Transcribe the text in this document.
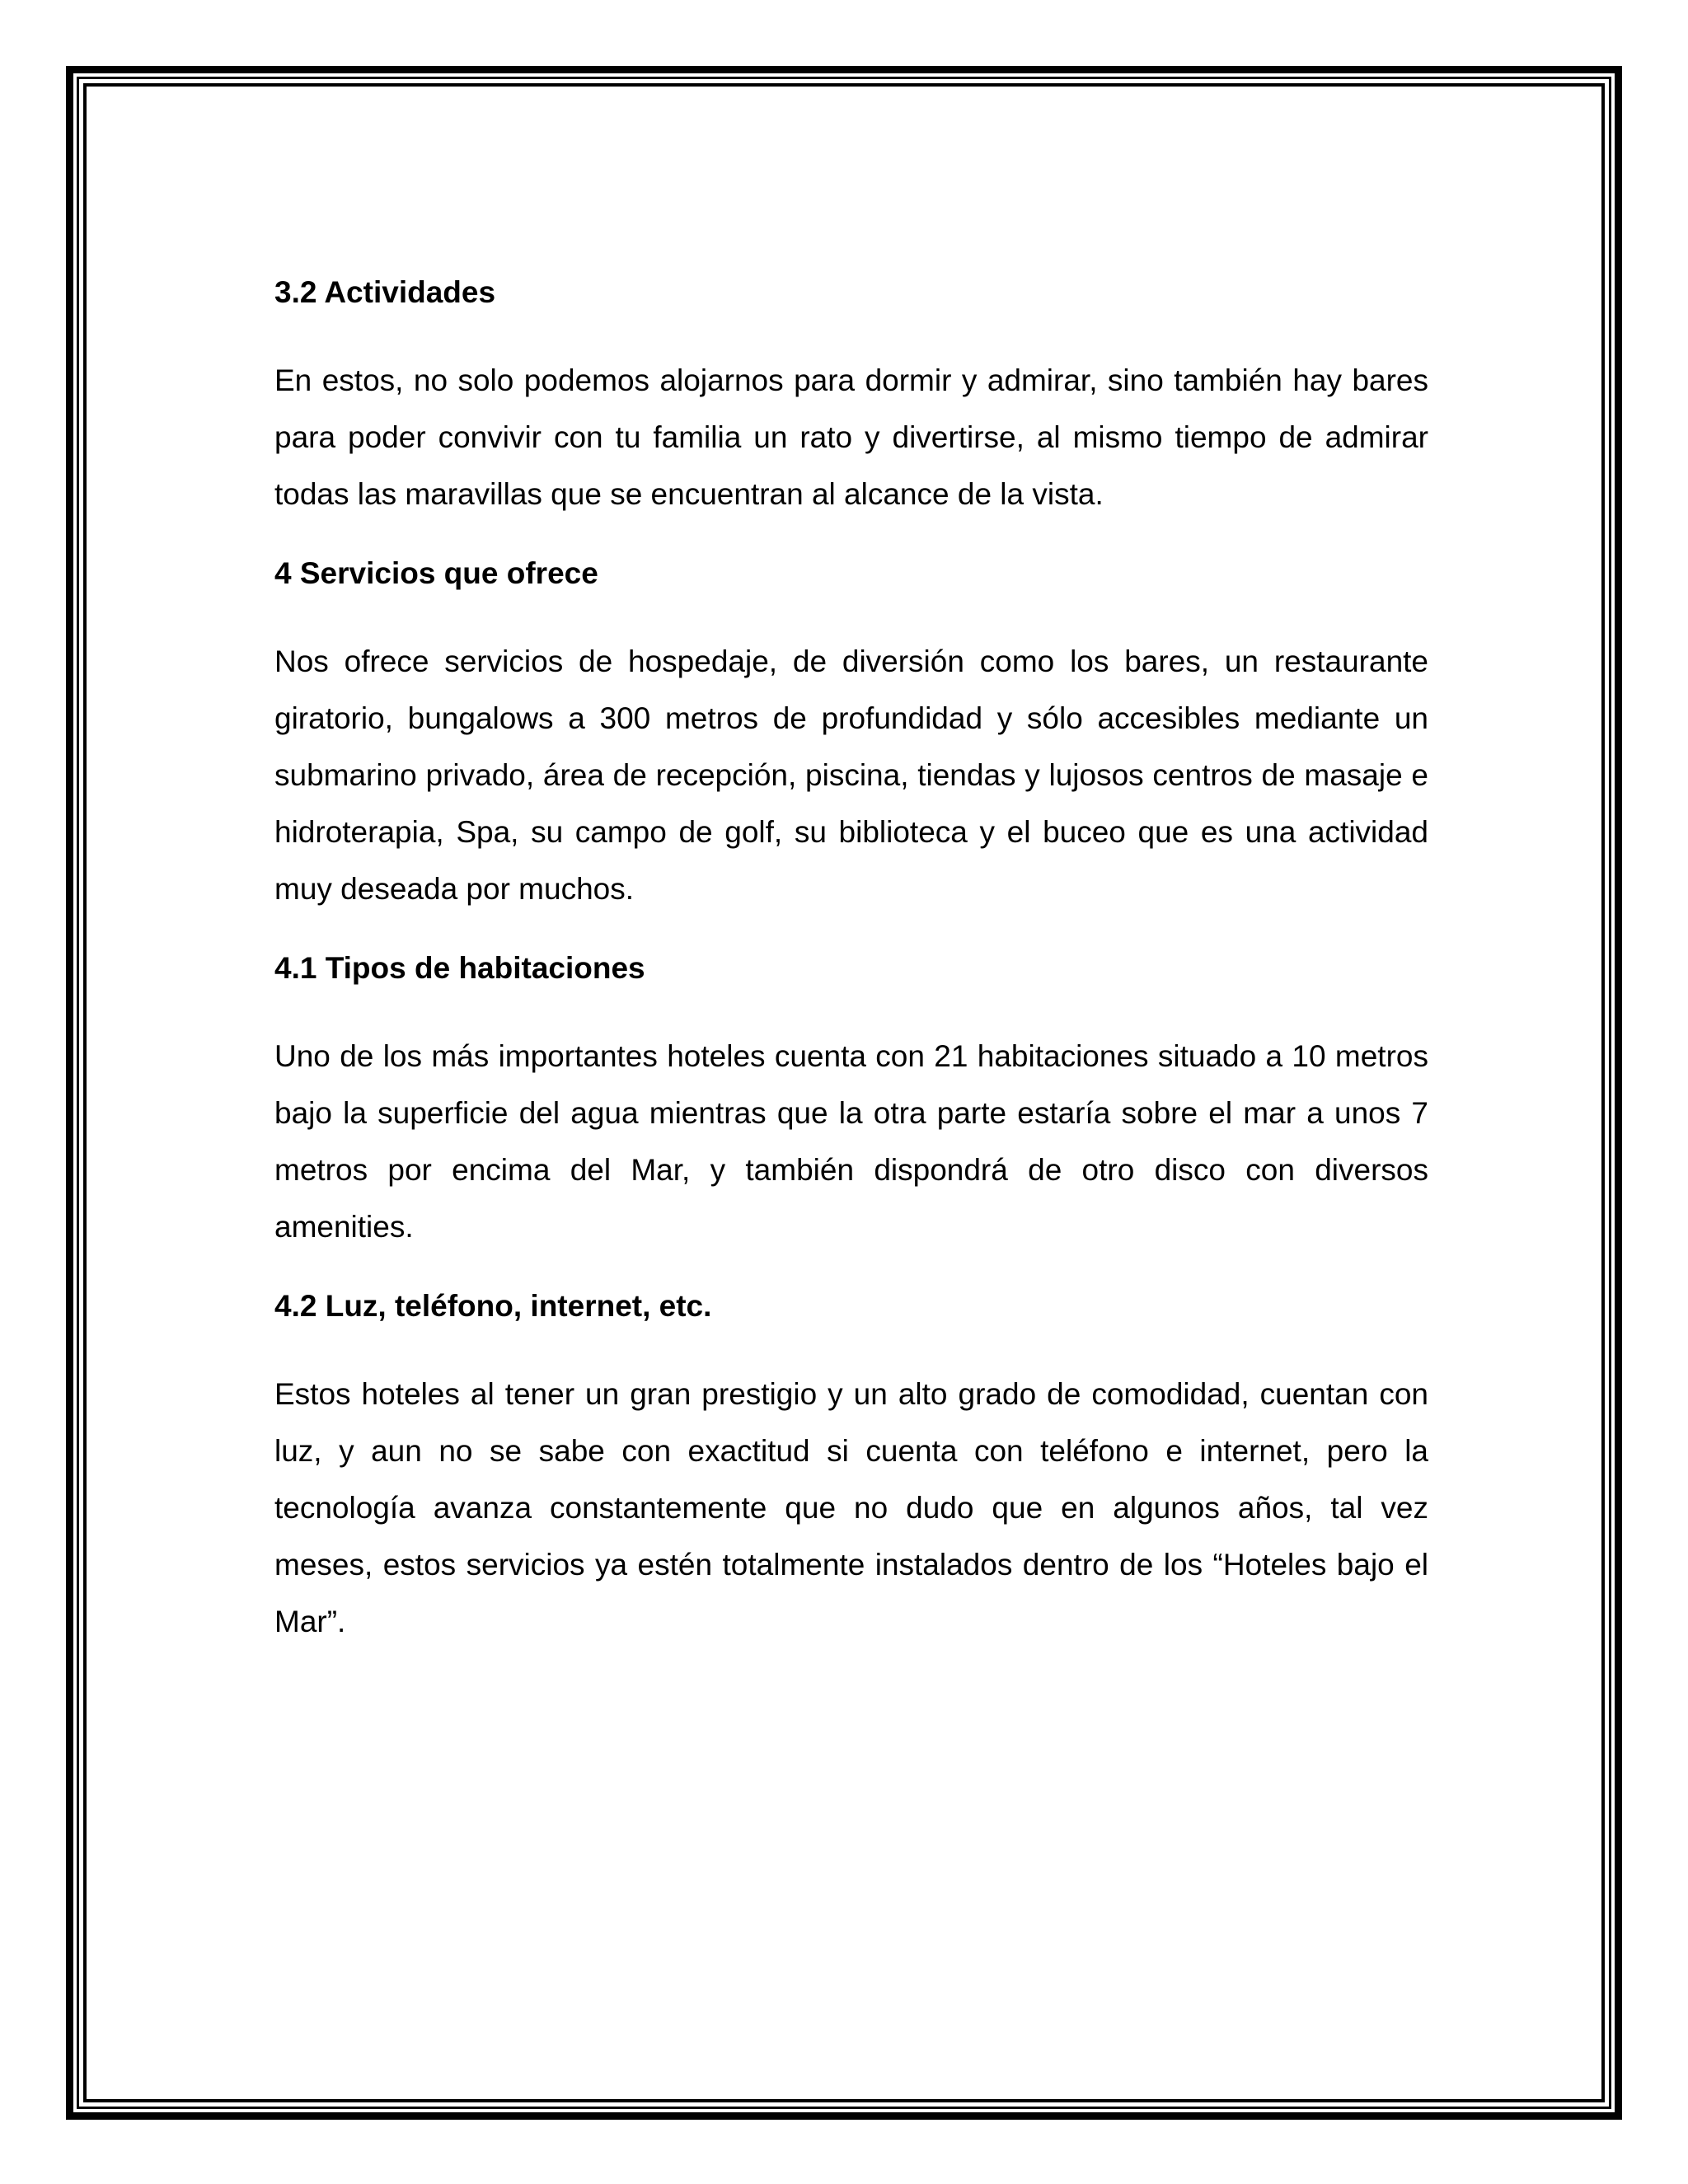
3.2 Actividades

En estos, no solo podemos alojarnos para dormir y admirar, sino también hay bares para poder convivir con tu familia un rato y divertirse, al mismo tiempo de admirar todas las maravillas que se encuentran al alcance de la vista.

4 Servicios que ofrece

Nos ofrece servicios de hospedaje, de diversión como los bares, un restaurante giratorio, bungalows a 300 metros de profundidad y sólo accesibles mediante un submarino privado, área de recepción, piscina, tiendas y lujosos centros de masaje e hidroterapia, Spa, su campo de golf, su biblioteca y el buceo que es una actividad muy deseada por muchos.

4.1 Tipos de habitaciones

Uno de los más importantes hoteles cuenta con 21 habitaciones situado a 10 metros bajo la superficie del agua mientras que la otra parte estaría sobre el mar a unos 7 metros por encima del Mar, y también dispondrá de otro disco con diversos amenities.

4.2 Luz, teléfono, internet, etc.

Estos hoteles al tener un gran prestigio y un alto grado de comodidad, cuentan con luz, y aun no se sabe con exactitud si cuenta con teléfono e internet, pero la tecnología avanza constantemente que no dudo que en algunos años, tal vez meses, estos servicios ya estén totalmente instalados dentro de los “Hoteles bajo el Mar”.
